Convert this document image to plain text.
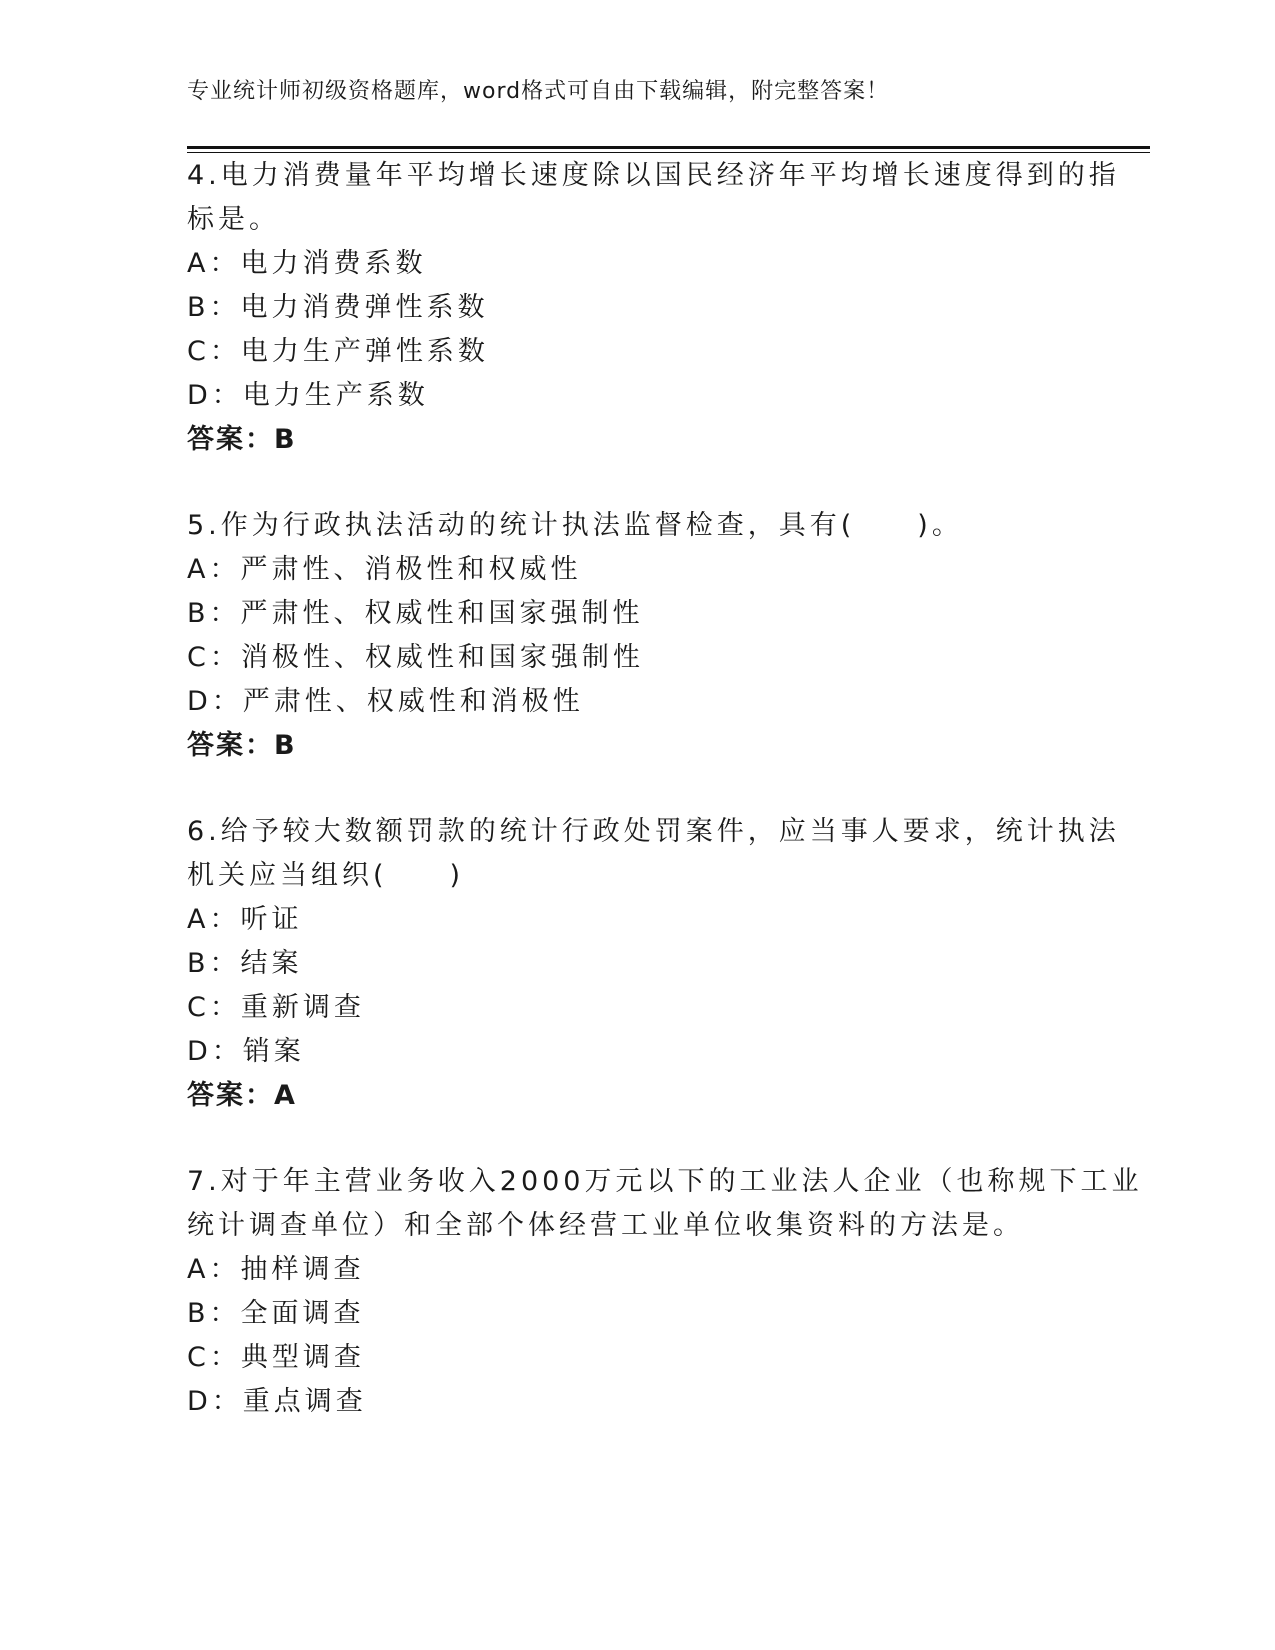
专业统计师初级资格题库，word格式可自由下载编辑，附完整答案！
4.电力消费量年平均增长速度除以国民经济年平均增长速度得到的指
标是。
A：电力消费系数
B：电力消费弹性系数
C：电力生产弹性系数
D：电力生产系数
答案：B
5.作为行政执法活动的统计执法监督检查，具有(　　)。
A：严肃性、消极性和权威性
B：严肃性、权威性和国家强制性
C：消极性、权威性和国家强制性
D：严肃性、权威性和消极性
答案：B
6.给予较大数额罚款的统计行政处罚案件，应当事人要求，统计执法
机关应当组织(　　)
A：听证
B：结案
C：重新调查
D：销案
答案：A
7.对于年主营业务收入2000万元以下的工业法人企业（也称规下工业
统计调查单位）和全部个体经营工业单位收集资料的方法是。
A：抽样调查
B：全面调查
C：典型调查
D：重点调查
